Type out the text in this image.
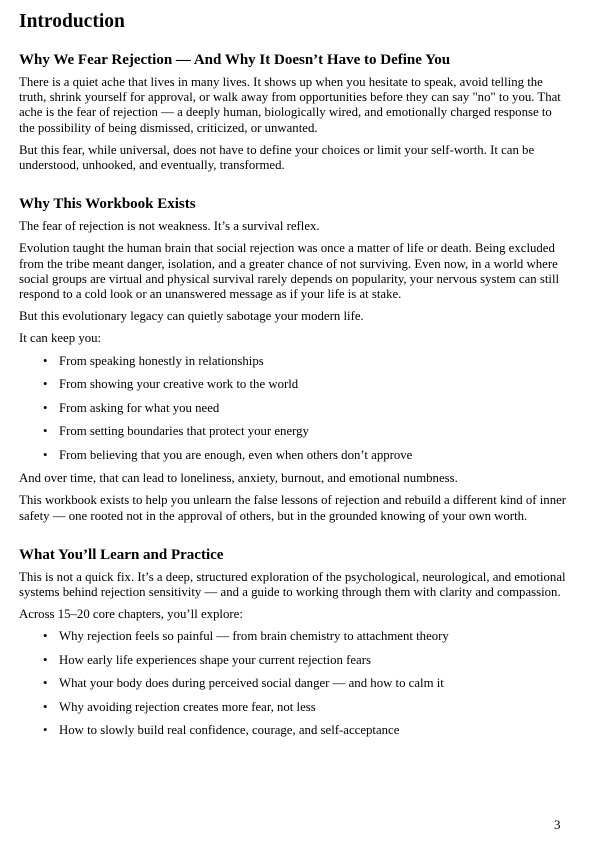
Introduction
Why We Fear Rejection — And Why It Doesn’t Have to Define You

There is a quiet ache that lives in many lives. It shows up when you hesitate to speak, avoid telling the truth, shrink yourself for approval, or walk away from opportunities before they can say "no" to you. That ache is the fear of rejection — a deeply human, biologically wired, and emotionally charged response to the possibility of being dismissed, criticized, or unwanted.

But this fear, while universal, does not have to define your choices or limit your self-worth. It can be understood, unhooked, and eventually, transformed.

Why This Workbook Exists

The fear of rejection is not weakness. It’s a survival reflex.

Evolution taught the human brain that social rejection was once a matter of life or death. Being excluded from the tribe meant danger, isolation, and a greater chance of not surviving. Even now, in a world where social groups are virtual and physical survival rarely depends on popularity, your nervous system can still respond to a cold look or an unanswered message as if your life is at stake.

But this evolutionary legacy can quietly sabotage your modern life.

It can keep you:

• From speaking honestly in relationships
• From showing your creative work to the world
• From asking for what you need
• From setting boundaries that protect your energy
• From believing that you are enough, even when others don’t approve

And over time, that can lead to loneliness, anxiety, burnout, and emotional numbness.

This workbook exists to help you unlearn the false lessons of rejection and rebuild a different kind of inner safety — one rooted not in the approval of others, but in the grounded knowing of your own worth.

What You’ll Learn and Practice

This is not a quick fix. It’s a deep, structured exploration of the psychological, neurological, and emotional systems behind rejection sensitivity — and a guide to working through them with clarity and compassion.

Across 15–20 core chapters, you’ll explore:

• Why rejection feels so painful — from brain chemistry to attachment theory
• How early life experiences shape your current rejection fears
• What your body does during perceived social danger — and how to calm it
• Why avoiding rejection creates more fear, not less
• How to slowly build real confidence, courage, and self-acceptance
3
